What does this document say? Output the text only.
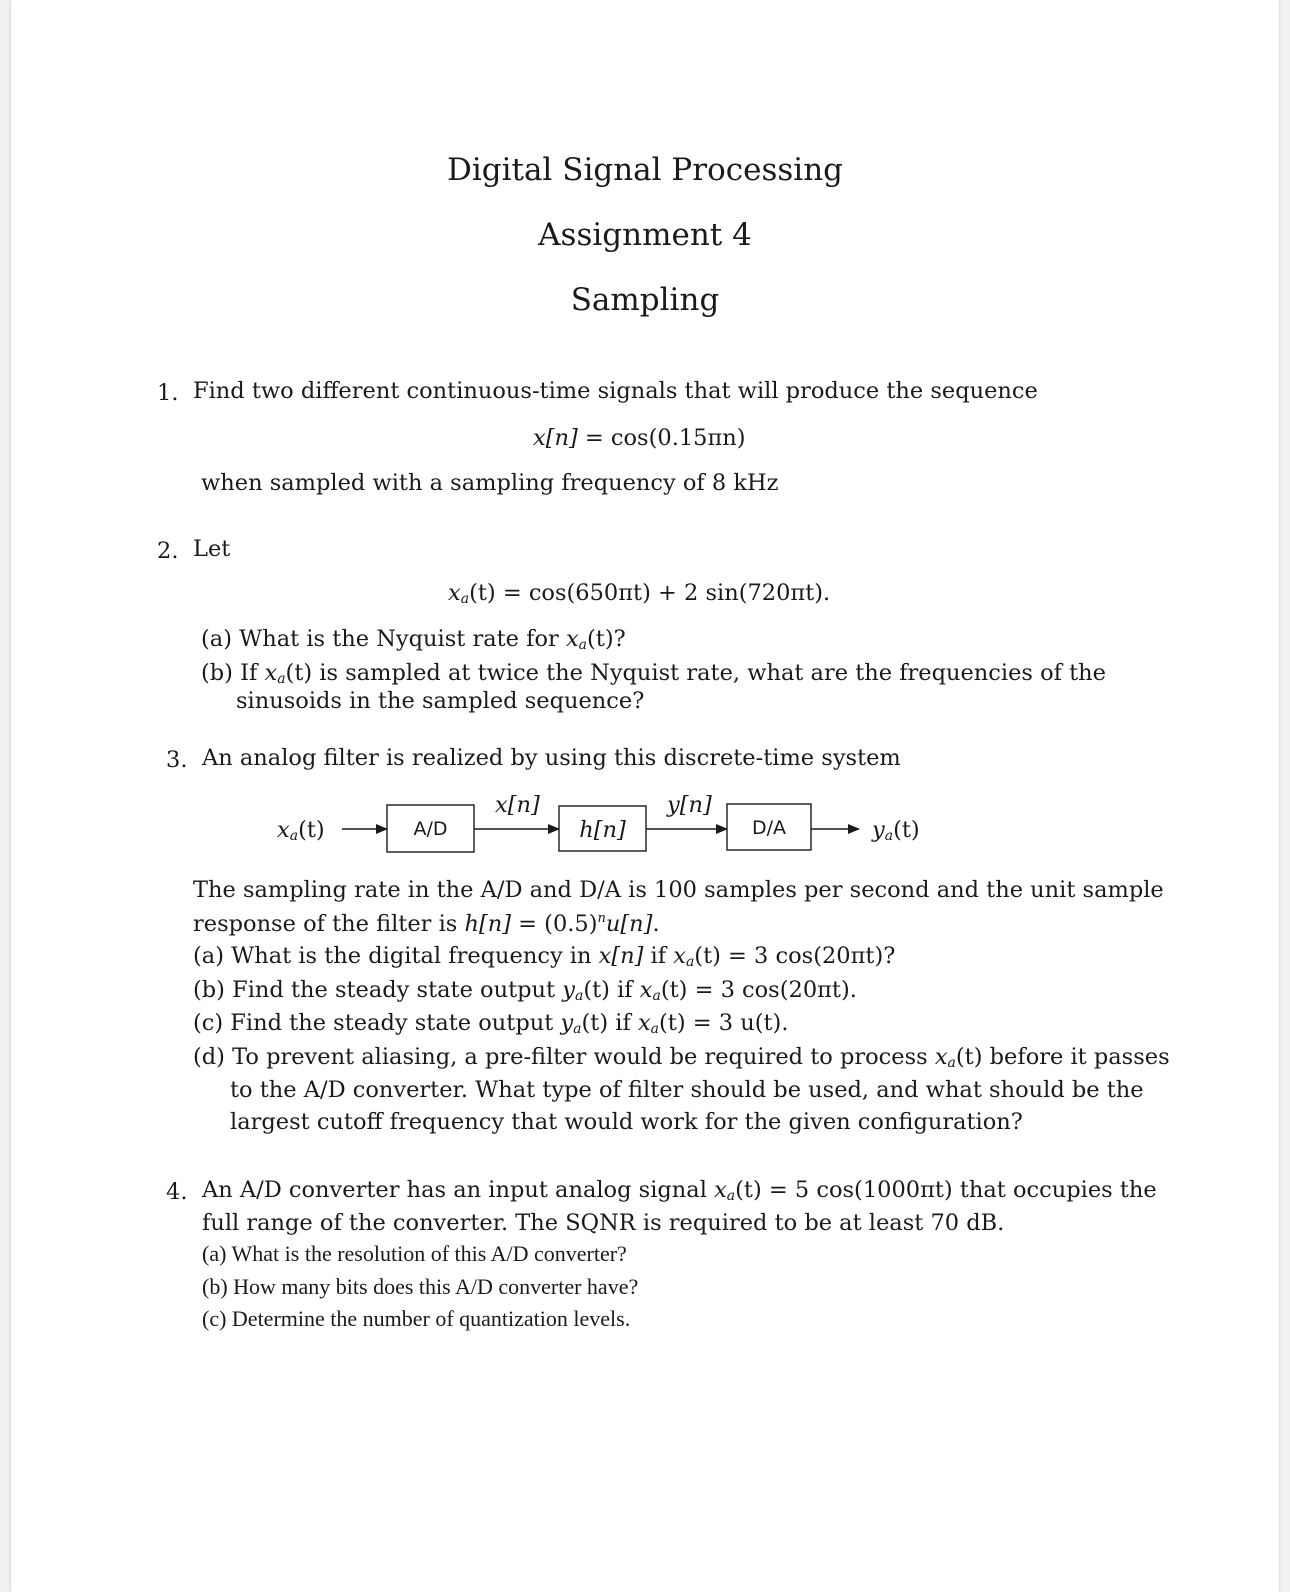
Digital Signal Processing
Assignment 4
Sampling
1. Find two different continuous-time signals that will produce the sequence
x[n] = cos(0.15πn)
when sampled with a sampling frequency of 8 kHz
2. Let
$x_a(t) = \cos(650\pi t) + 2$ sin(720πt).
(a) What is the Nyquist rate for $x_a(t)$?
(b) If $x_a(t)$ is sampled at twice the Nyquist rate, what are the frequencies of the
sinusoids in the sampled sequence?
3. An analog filter is realized by using this discrete-time system
$x_a(t)$	A/D
x[n]
h[n]
y[n]
D/A	$y_a(t)$
The sampling rate in the A/D and D/A is 100 samples per second and the unit sample
response of the filter is $h[n] = (0.5)^nu[n]$.
(a) What is the digital frequency in x[n] if $x_a(t) = 3$ cos(20πt)?
(b) Find the steady state output $y_a(t)$ if $x_a(t) = 3$ cos(20πt).
(c) Find the steady state output $y_a(t)$ if $x_a(t) = 3$ u(t).
(d) To prevent aliasing, a pre-filter would be required to process $x_a(t)$ before it passes
to the A/D converter. What type of filter should be used, and what should be the
largest cutoff frequency that would work for the given configuration?
4. An A/D converter has an input analog signal $x_a(t) = 5$ cos(1000πt) that occupies the
full range of the converter. The SQNR is required to be at least 70 dB.
(a) What is the resolution of this A/D converter?
(b) How many bits does this A/D converter have?
(c) Determine the number of quantization levels.
